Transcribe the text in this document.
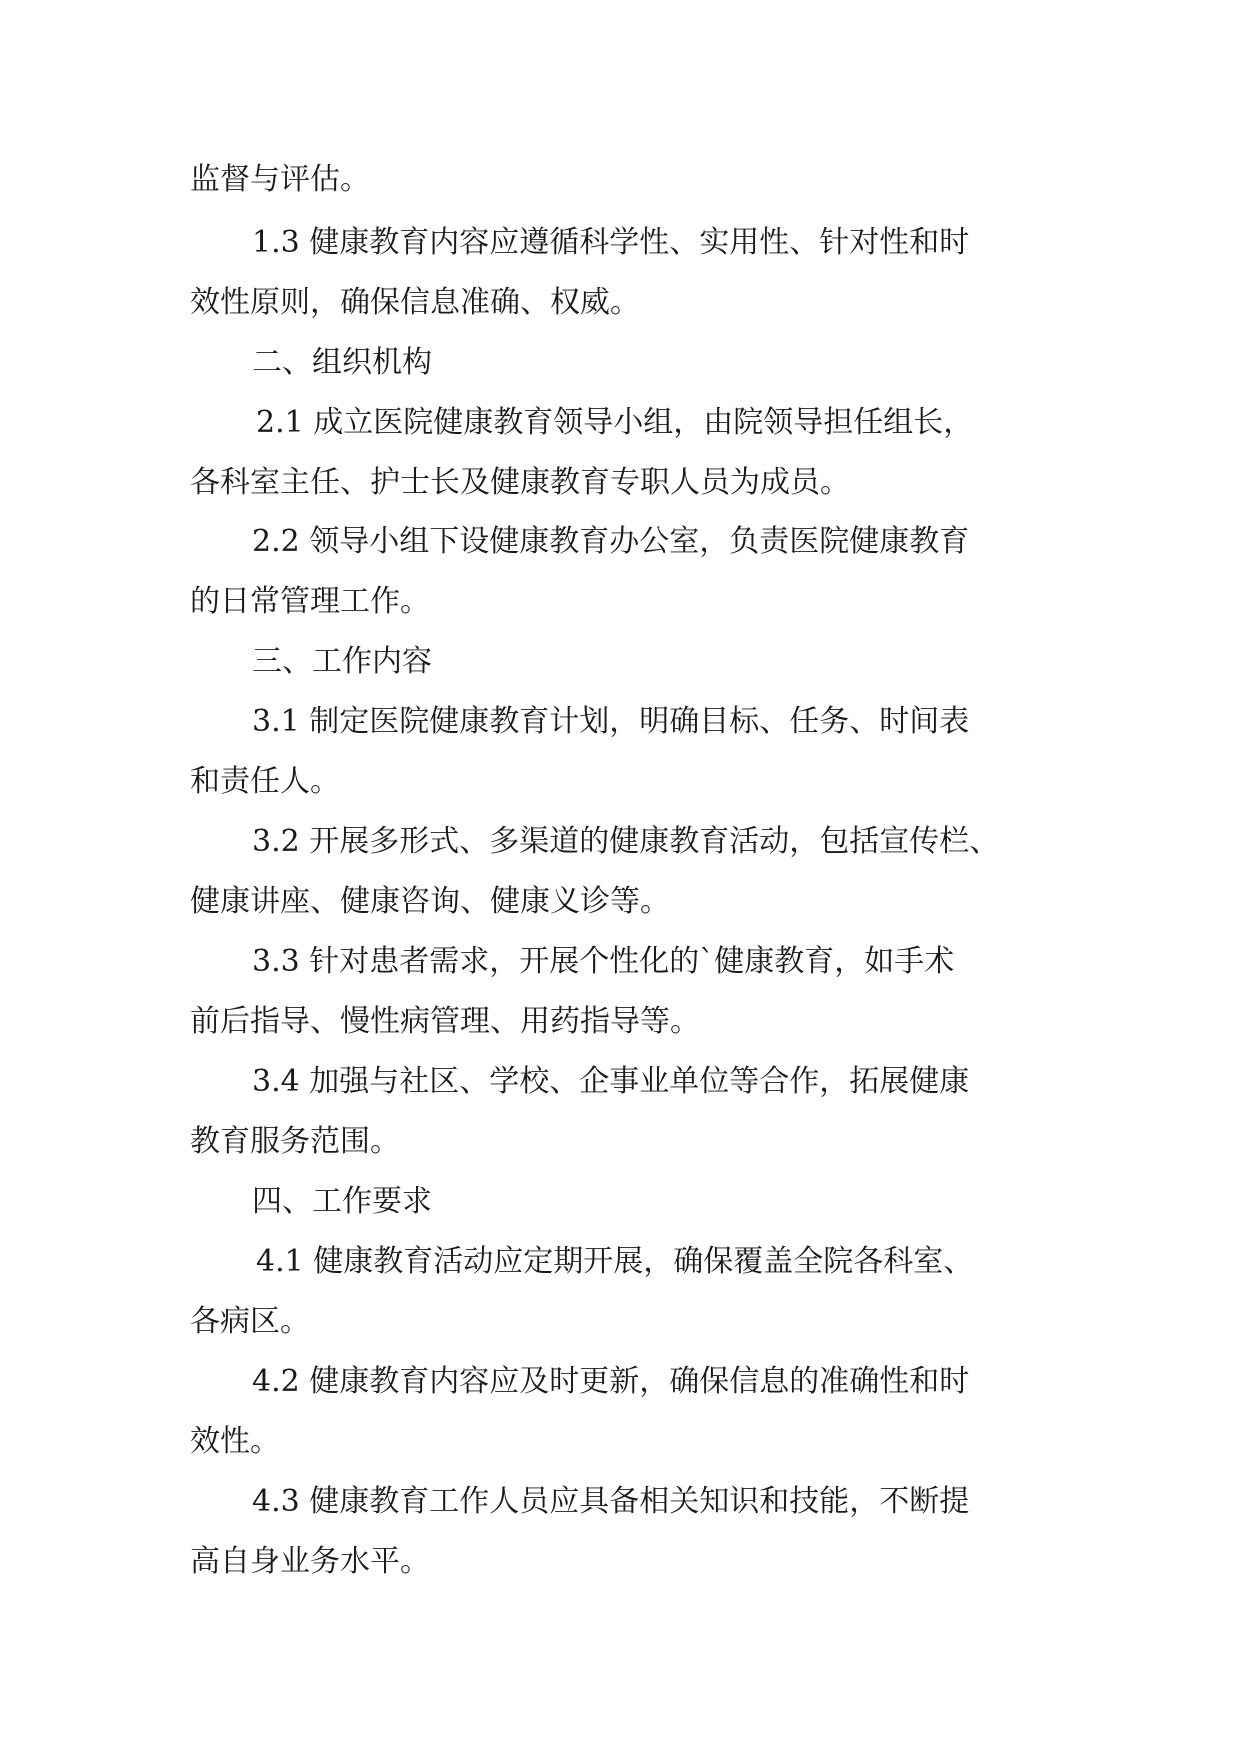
监督与评估。
1.3 健康教育内容应遵循科学性、实用性、针对性和时
效性原则，确保信息准确、权威。
二、组织机构
2.1 成立医院健康教育领导小组，由院领导担任组长，
各科室主任、护士长及健康教育专职人员为成员。
2.2 领导小组下设健康教育办公室，负责医院健康教育
的日常管理工作。
三、工作内容
3.1 制定医院健康教育计划，明确目标、任务、时间表
和责任人。
3.2 开展多形式、多渠道的健康教育活动，包括宣传栏、
健康讲座、健康咨询、健康义诊等。
3.3 针对患者需求，开展个性化的`健康教育，如手术
前后指导、慢性病管理、用药指导等。
3.4 加强与社区、学校、企事业单位等合作，拓展健康
教育服务范围。
四、工作要求
4.1 健康教育活动应定期开展，确保覆盖全院各科室、
各病区。
4.2 健康教育内容应及时更新，确保信息的准确性和时
效性。
4.3 健康教育工作人员应具备相关知识和技能，不断提
高自身业务水平。
